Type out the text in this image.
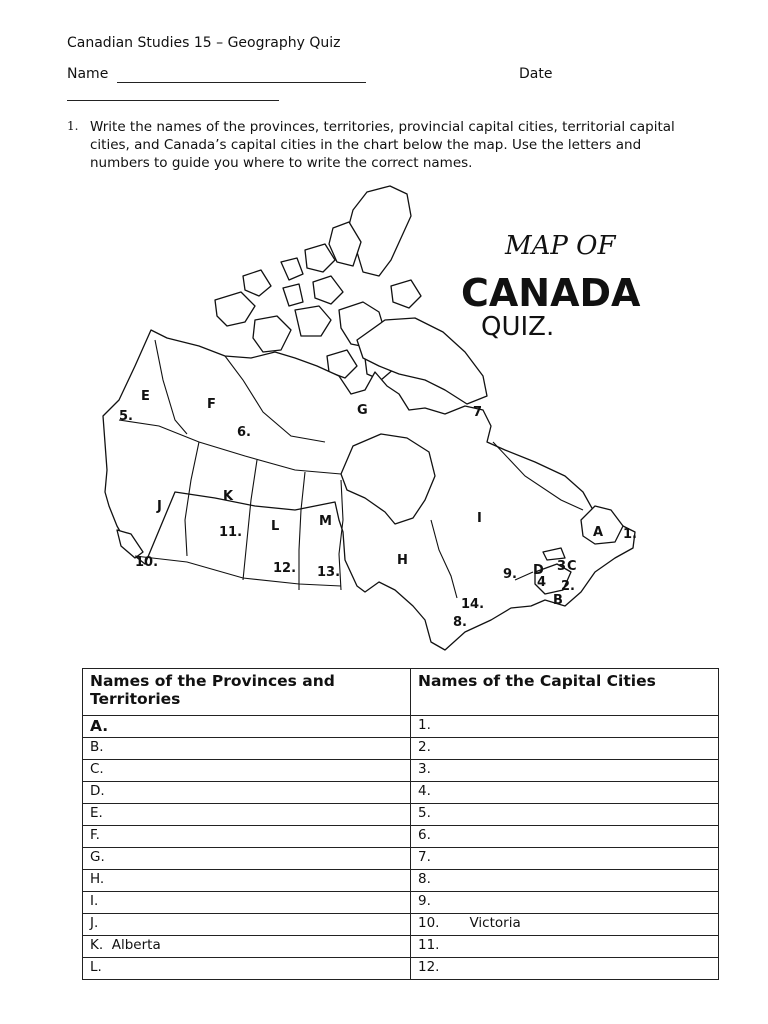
Canadian Studies 15 – Geography Quiz
Name	Date
1. Write the names of the provinces, territories, provincial capital cities, territorial capital cities, and Canada’s capital cities in the chart below the map. Use the letters and numbers to guide you where to write the correct names.
MAP OF
CANADA
QUIZ.
A
B
C
D
E
F	G
H
I
J
K
L	M
1.
2.
3
4
5.
6.
7
8.
9.
10.
11.
12. 13.
14.
Names of the Provinces and Territories	Names of the Capital Cities
A.	1.
B.	2.
C.	3.
D.	4.
E.	5.
F.	6.
G.	7.
H.	8.
I.	9.
J.	10. Victoria
K. Alberta	11.
L.	12.
